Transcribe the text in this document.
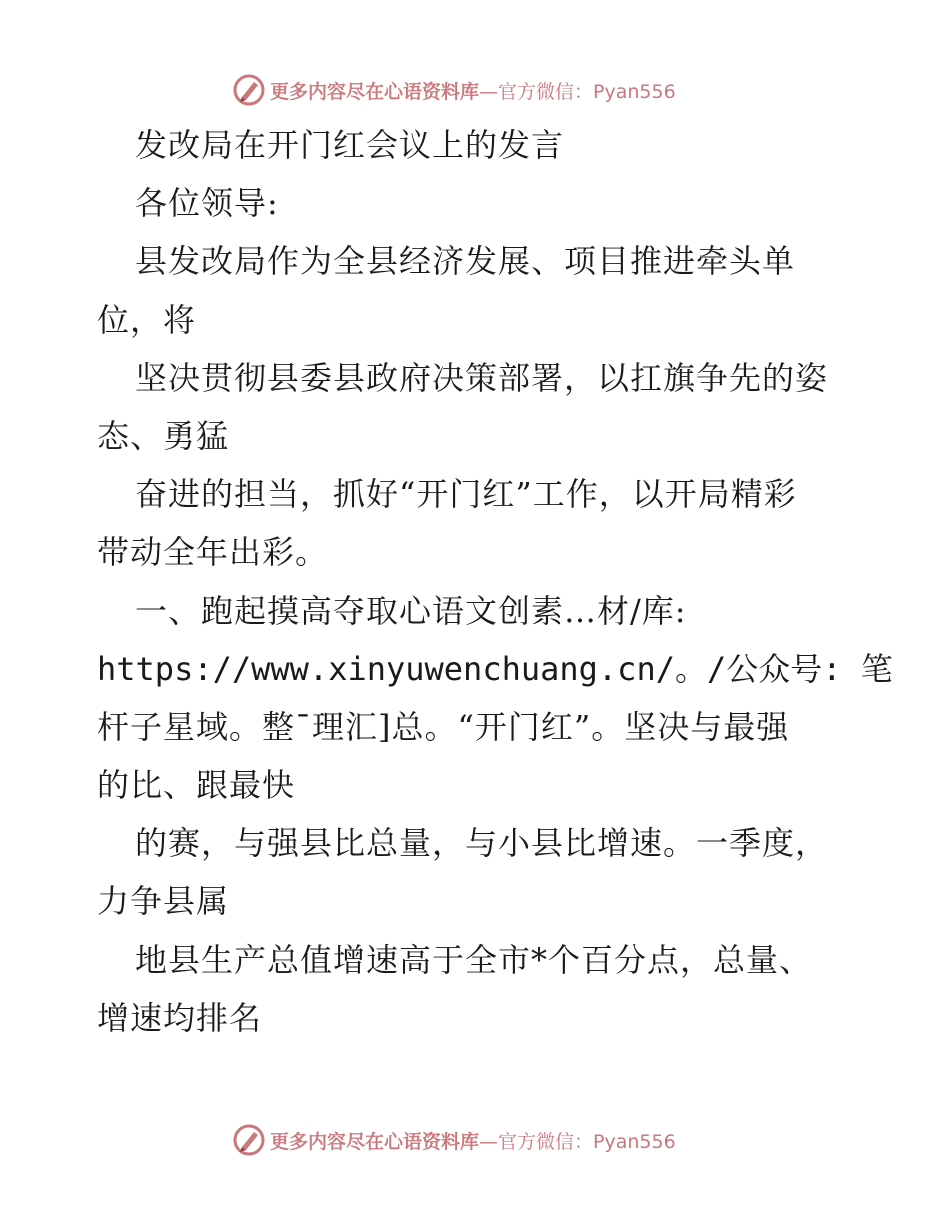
更多内容尽在心语资料库—官方微信：Pyan556
发改局在开门红会议上的发言
各位领导:
县发改局作为全县经济发展、项目推进牵头单
位，将
坚决贯彻县委县政府决策部署，以扛旗争先的姿
态、勇猛
奋进的担当，抓好“开门红”工作，以开局精彩
带动全年出彩。
一、跑起摸高夺取心语文创素…材/库:
https://www.xinyuwenchuang.cn/。/公众号: 笔
杆子星域。整¯理汇]总。“开门红”。坚决与最强
的比、跟最快
的赛，与强县比总量，与小县比增速。一季度，
力争县属
地县生产总值增速高于全市*个百分点，总量、
增速均排名
更多内容尽在心语资料库—官方微信：Pyan556
